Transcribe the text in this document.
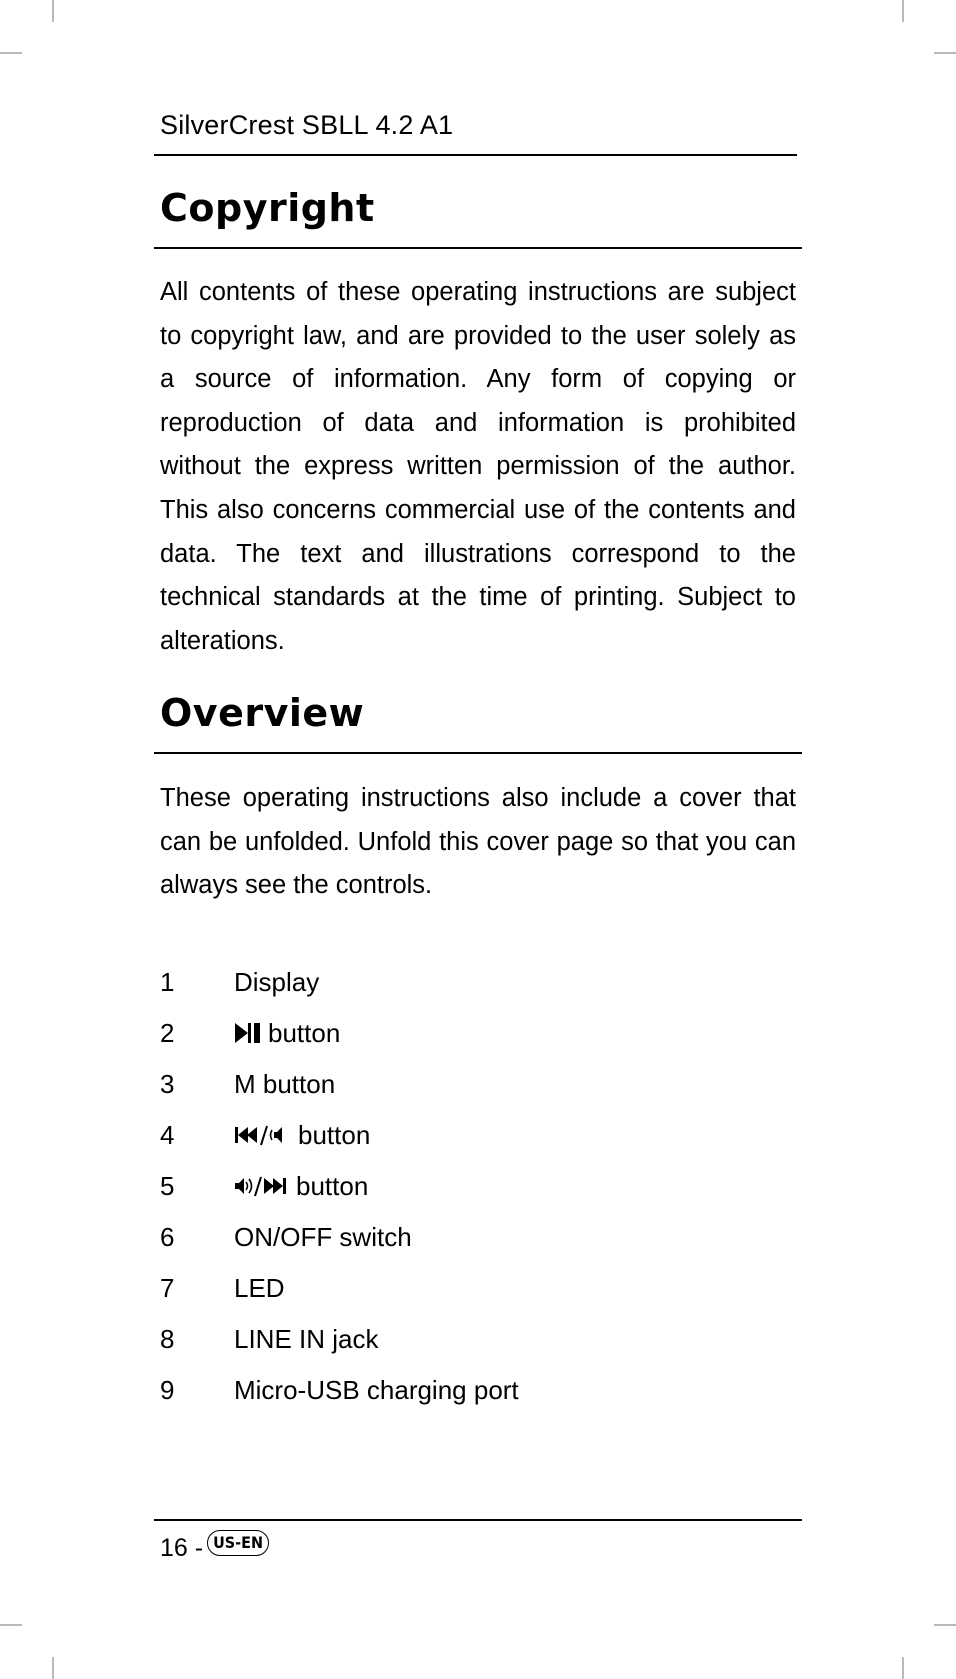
SilverCrest SBLL 4.2 A1
Copyright

All contents of these operating instructions are subject to copyright law, and are provided to the user solely as a source of information. Any form of copying or reproduction of data and information is prohibited without the express written permission of the author. This also concerns commercial use of the contents and data. The text and illustrations correspond to the technical standards at the time of printing. Subject to alterations.

Overview

These operating instructions also include a cover that can be unfolded. Unfold this cover page so that you can always see the controls.

1	Display
2	button
3	M button
4	button
5	button
6	ON/OFF switch
7	LED
8	LINE IN jack
9	Micro-USB charging port
16 - US-EN
